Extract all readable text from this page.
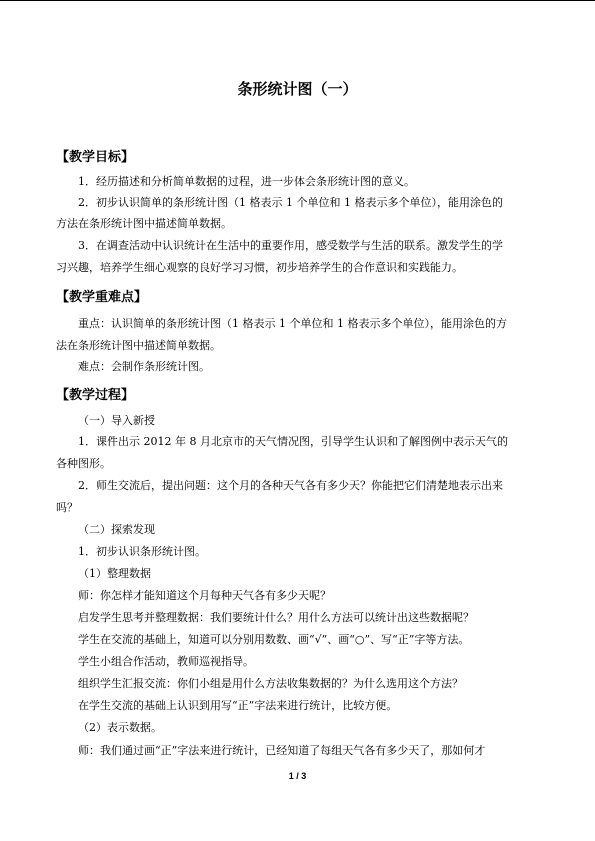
条形统计图（一）
【教学目标】
1．经历描述和分析简单数据的过程，进一步体会条形统计图的意义。
2．初步认识简单的条形统计图（1 格表示 1 个单位和 1 格表示多个单位），能用涂色的
方法在条形统计图中描述简单数据。
3．在调查活动中认识统计在生活中的重要作用，感受数学与生活的联系。激发学生的学
习兴趣，培养学生细心观察的良好学习习惯，初步培养学生的合作意识和实践能力。
【教学重难点】
重点：认识简单的条形统计图（1 格表示 1 个单位和 1 格表示多个单位），能用涂色的方
法在条形统计图中描述简单数据。
难点：会制作条形统计图。
【教学过程】
（一）导入新授
1．课件出示 2012 年 8 月北京市的天气情况图，引导学生认识和了解图例中表示天气的
各种图形。
2．师生交流后，提出问题：这个月的各种天气各有多少天？你能把它们清楚地表示出来
吗？
（二）探索发现
1．初步认识条形统计图。
（1）整理数据
师：你怎样才能知道这个月每种天气各有多少天呢？
启发学生思考并整理数据：我们要统计什么？用什么方法可以统计出这些数据呢？
学生在交流的基础上，知道可以分别用数数、画“√”、画“○”、写“正”字等方法。
学生小组合作活动，教师巡视指导。
组织学生汇报交流：你们小组是用什么方法收集数据的？为什么选用这个方法？
在学生交流的基础上认识到用写“正”字法来进行统计，比较方便。
（2）表示数据。
师：我们通过画“正”字法来进行统计，已经知道了每组天气各有多少天了，那如何才
1 / 3
